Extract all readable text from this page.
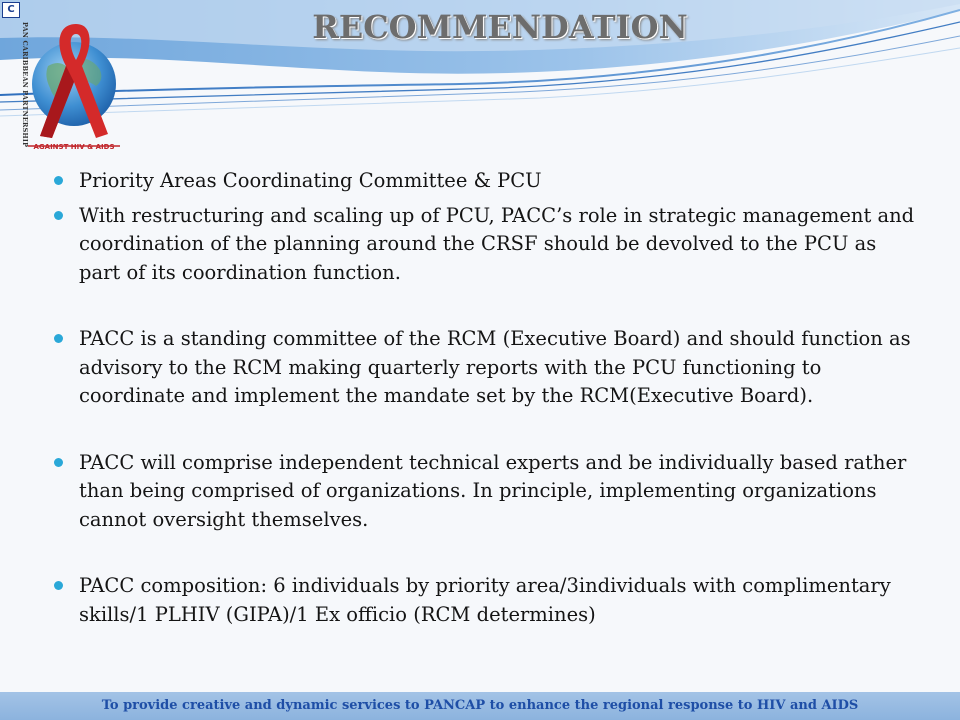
C
PAN CARIBBEAN PARTNERSHIP AGAINST HIV & AIDS
RECOMMENDATION
Priority Areas Coordinating Committee & PCU
With restructuring and scaling up of PCU, PACC’s role in strategic management and coordination of the planning around the CRSF should be devolved to the PCU as part of its coordination function.
PACC is a standing committee of the RCM (Executive Board) and should function as advisory to the RCM making quarterly reports with the PCU functioning to coordinate and implement the mandate set by the RCM(Executive Board).
PACC will comprise independent technical experts and be individually based rather than being comprised of organizations. In principle, implementing organizations cannot oversight themselves.
PACC composition: 6 individuals by priority area/3individuals with complimentary skills/1 PLHIV (GIPA)/1 Ex officio (RCM determines)
To provide creative and dynamic services to PANCAP to enhance the regional response to HIV and AIDS
